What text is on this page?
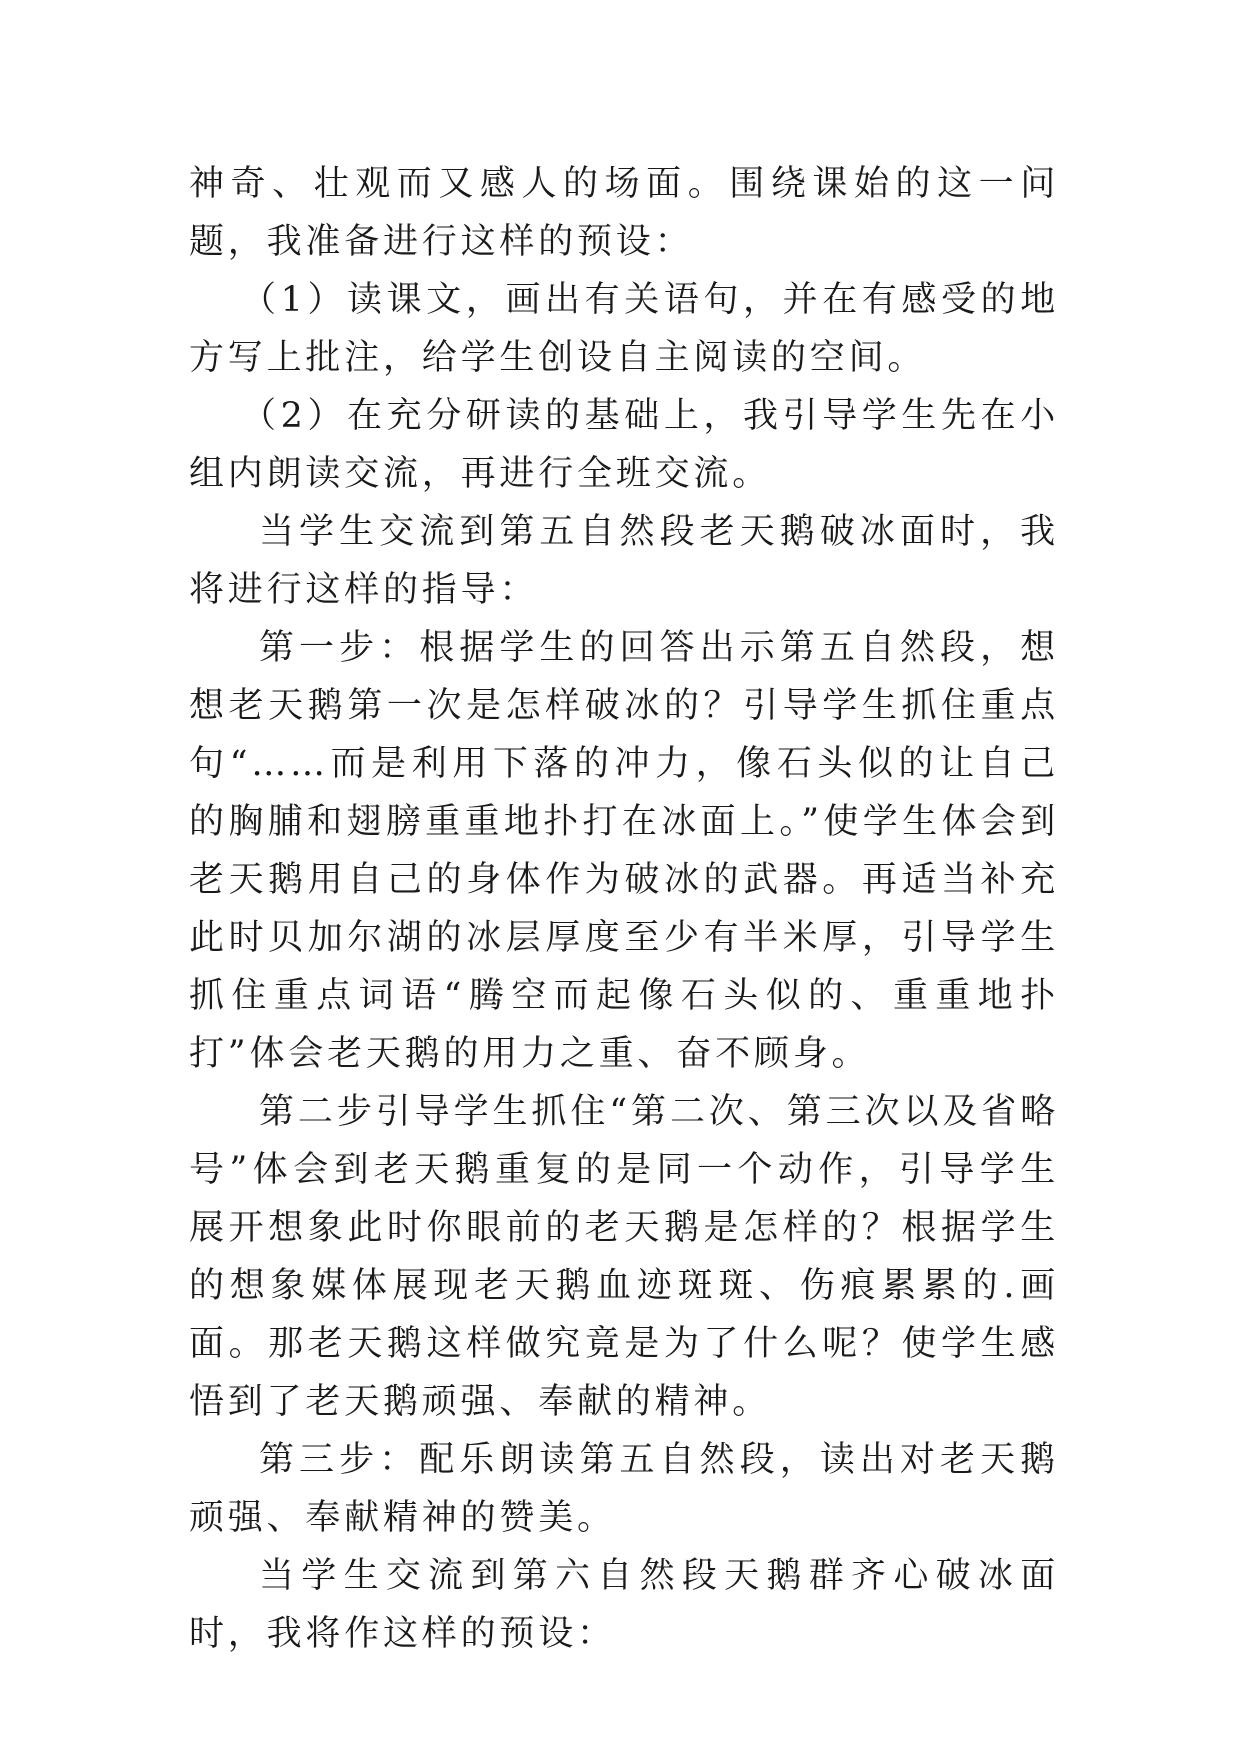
神奇、壮观而又感人的场面。围绕课始的这一问题，我准备进行这样的预设：

（1）读课文，画出有关语句，并在有感受的地方写上批注，给学生创设自主阅读的空间。

（2）在充分研读的基础上，我引导学生先在小组内朗读交流，再进行全班交流。

当学生交流到第五自然段老天鹅破冰面时，我将进行这样的指导：

第一步：根据学生的回答出示第五自然段，想想老天鹅第一次是怎样破冰的？引导学生抓住重点句“……而是利用下落的冲力，像石头似的让自己的胸脯和翅膀重重地扑打在冰面上。”使学生体会到老天鹅用自己的身体作为破冰的武器。再适当补充此时贝加尔湖的冰层厚度至少有半米厚，引导学生抓住重点词语“腾空而起像石头似的、重重地扑打”体会老天鹅的用力之重、奋不顾身。

第二步引导学生抓住“第二次、第三次以及省略号”体会到老天鹅重复的是同一个动作，引导学生展开想象此时你眼前的老天鹅是怎样的？根据学生的想象媒体展现老天鹅血迹斑斑、伤痕累累的.画面。那老天鹅这样做究竟是为了什么呢？使学生感悟到了老天鹅顽强、奉献的精神。

第三步：配乐朗读第五自然段，读出对老天鹅顽强、奉献精神的赞美。

当学生交流到第六自然段天鹅群齐心破冰面时，我将作这样的预设：
